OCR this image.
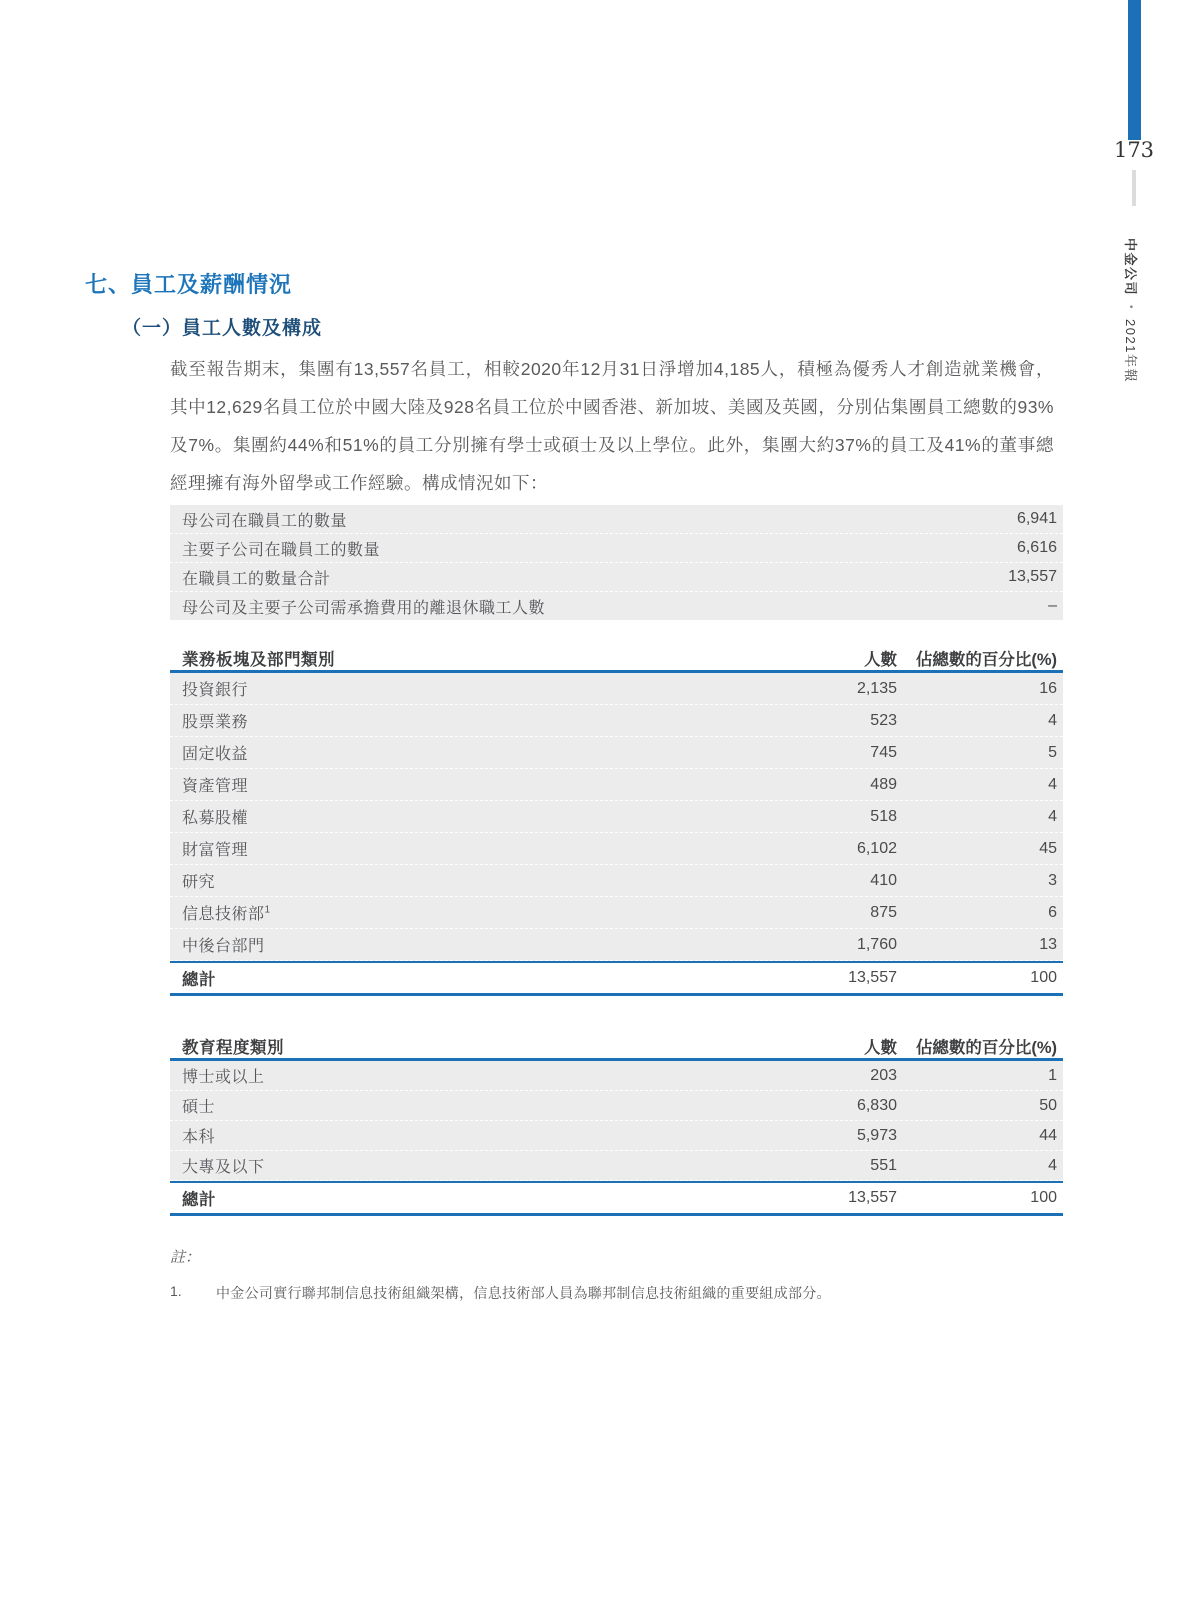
173
中金公司•2021年報
七、員工及薪酬情況
（一）員工人數及構成
截至報告期末，集團有13,557名員工，相較2020年12月31日淨增加4,185人，積極為優秀人才創造就業機會，其中12,629名員工位於中國大陸及928名員工位於中國香港、新加坡、美國及英國，分別佔集團員工總數的93%及7%。集團約44%和51%的員工分別擁有學士或碩士及以上學位。此外，集團大約37%的員工及41%的董事總經理擁有海外留學或工作經驗。構成情況如下：
母公司在職員工的數量	6,941
主要子公司在職員工的數量	6,616
在職員工的數量合計	13,557
母公司及主要子公司需承擔費用的離退休職工人數	–
業務板塊及部門類別	人數	佔總數的百分比(%)
投資銀行	2,135	16
股票業務	523	4
固定收益	745	5
資產管理	489	4
私募股權	518	4
財富管理	6,102	45
研究	410	3
信息技術部$^1$	875	6
中後台部門	1,760	13
總計	13,557	100
教育程度類別	人數	佔總數的百分比(%)
博士或以上	203	1
碩士	6,830	50
本科	5,973	44
大專及以下	551	4
總計	13,557	100
註：
1.	中金公司實行聯邦制信息技術組織架構，信息技術部人員為聯邦制信息技術組織的重要組成部分。
